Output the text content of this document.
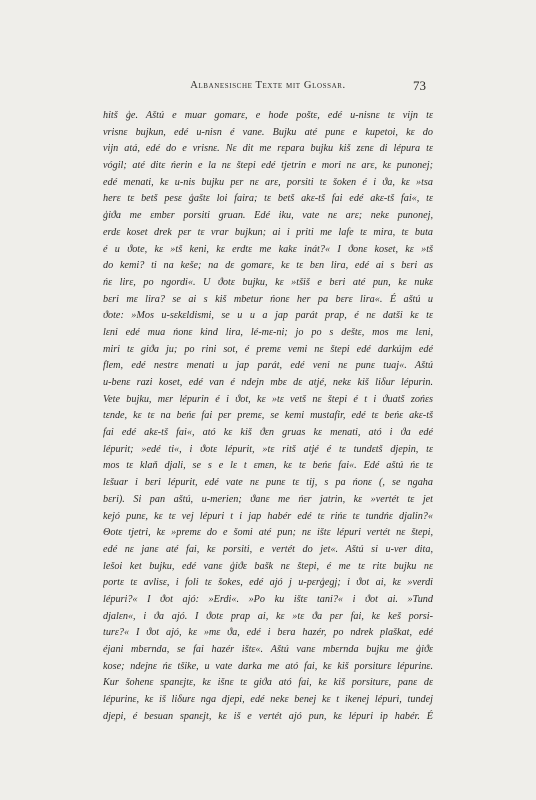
Albanesische Texte mit Glossar.	73
hitš ģe. Aštú e muar gomarε, e hode poštε, edé u-nisnε tε vijn tε
vrisnε bujkun, edé u-nisn é vane. Bujku até punε e kupetoi, kε do
vijn atá, edé do e vrisnε. Nε dit me rεpara bujku kiš zεnε di lépura tε
vógil; até ditε ńerin e la nε štepi edé tjetrin e mori nε arε, kε punonej;
edé menati, kε u-nis bujku pεr nε arε, porsiti tε šoken é i ϑa, kε »tsa
herε tε betš pesε ģaštε loi faira; tε betš akε-tš fai edé akε-tš fai«, tε
ģiϑa me εmbεr porsiti gruan. Edé iku, vate nε arε; nekε punonej,
erdε koset drek pεr tε vrar bujkun; ai i priti me lafe tε mira, tε buta
é u ϑote, kε »tš keni, kε erdtε me kakε inát?« I ϑonε koset, kε »tš
do kemi? ti na keše; na dε gomarε, kε tε bεn lira, edé ai s bεri as
ńε lirε, po ngordi«. U ϑotε bujku, kε »tšiš e bεri até pun, kε nukε
bεri mε lira? se ai s kiš mbetur ńonε her pa bεrε lira«. É aštú u
ϑote: »Mos u-sεkεldismi, se u u a jap parát prap, é nε datši kε tε
lεni edé mua ńonε kind lira, lé-mε-ni; jo po s deštε, mos mε lεni,
miri tε giϑa ju; po rini sot, é premε vemi nε štepi edé darkújm edé
flem, edé nestrε menati u jap parát, edé veni nε punε tuaj«. Aštú
u-benε razi koset, edé van é ndejn mbε dε atjé, nekε kiš liδur lépurin.
Vete bujku, mεr lépurin é i ϑot, kε »tε vetš nε štepi é t i ϑuatš zońεs
tεnde, kε tε na beńε fai pεr premε, se kemi mustafir, edé tε beńε akε-tš
fai edé akε-tš fai«, ató kε kiš ϑεn gruas kε menati, ató i ϑa edé
lépurit; »edé ti«, i ϑotε lépurit, »tε ritš atjé é tε tundεtš djepin, tε
mos tε klaň djali, se s e lε t εmεn, kε tε beńε fai«. Edé aštú ńε tε
lεšuar i bεri lépurit, edé vate nε punε tε tij, s pa ńonε (, se ngaha
bεri). Si pan aštú, u-merien; ϑanε me ńεr jatrin, kε »vertét tε jet
kejó punε, kε tε vej lépuri t i jap habér edé tε rińε tε tundńε djalin?«
Θotε tjetri, kε »premε do e šomi até pun; nε ištε lépuri vertét nε štepi,
edé nε janε até fai, kε porsiti, e vertét do jet«. Aštú si u-ver dita,
lešoi ket bujku, edé vanε ģiϑε bašk nε štepi, é me tε ritε bujku nε
portε tε avlisε, i foli tε šokes, edé ajó j u-pεrģegj; i ϑot ai, kε »verdi
lépuri?« I ϑot ajó: »Erdi«. »Po ku ištε tani?« i ϑot ai. »Tund
djalεn«, i ϑa ajó. I ϑotε prap ai, kε »tε ϑa pεr fai, kε keš porsi-
turε?« I ϑot ajó, kε »mε ϑa, edé i bεra hazér, po ndrek plaškat, edé
éjani mbεrnda, se fai hazér ištε«. Aštú vanε mbεrnda bujku me ģiϑε
kose; ndejnε ńε tšike, u vate darka me ató fai, kε kiš porsiturε lépurinε.
Kur šohenε spanεjtε, kε išnε tε giϑa ató fai, kε kiš porsiturε, panε dε
lépurinε, kε iš liδurε nga djepi, edé nekε benej kε t ikenej lépuri, tundej
djepi, é besuan spanεjt, kε iš e vertét ajó pun, kε lépuri ip habér. É
